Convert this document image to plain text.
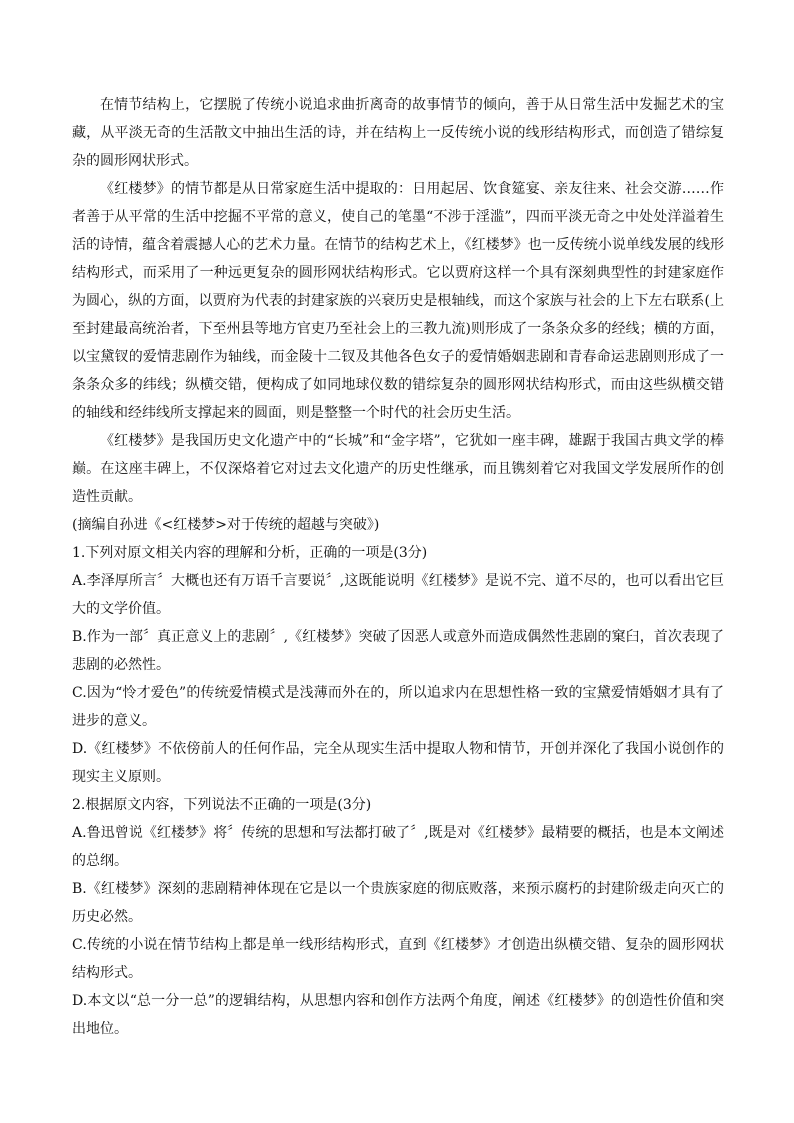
在情节结构上，它摆脱了传统小说追求曲折离奇的故事情节的倾向，善于从日常生活中发掘艺术的宝藏，从平淡无奇的生活散文中抽出生活的诗，并在结构上一反传统小说的线形结构形式，而创造了错综复杂的圆形网状形式。

《红楼梦》的情节都是从日常家庭生活中提取的：日用起居、饮食筵宴、亲友往来、社会交游……作者善于从平常的生活中挖掘不平常的意义，使自己的笔墨“不涉于淫滥”，四而平淡无奇之中处处洋溢着生活的诗情，蕴含着震撼人心的艺术力量。在情节的结构艺术上，《红楼梦》也一反传统小说单线发展的线形结构形式，而采用了一种远更复杂的圆形网状结构形式。它以贾府这样一个具有深刻典型性的封建家庭作为圆心，纵的方面，以贾府为代表的封建家族的兴衰历史是根轴线，而这个家族与社会的上下左右联系(上至封建最高统治者，下至州县等地方官吏乃至社会上的三教九流)则形成了一条条众多的经线；横的方面，以宝黛钗的爱情悲剧作为轴线，而金陵十二钗及其他各色女子的爱情婚姻悲剧和青春命运悲剧则形成了一条条众多的纬线；纵横交错，便构成了如同地球仪数的错综复杂的圆形网状结构形式，而由这些纵横交错的轴线和经纬线所支撑起来的圆面，则是整整一个时代的社会历史生活。

《红楼梦》是我国历史文化遗产中的“长城”和“金字塔”，它犹如一座丰碑，雄踞于我国古典文学的棒巅。在这座丰碑上，不仅深烙着它对过去文化遗产的历史性继承，而且镌刻着它对我国文学发展所作的创造性贡献。

(摘编自孙进《<红楼梦>对于传统的超越与突破》)

1.下列对原文相关内容的理解和分析，正确的一项是(3分)

A.李泽厚所言〞大概也还有万语千言要说〞,这既能说明《红楼梦》是说不完、道不尽的，也可以看出它巨大的文学价值。

B.作为一部〞真正意义上的悲剧〞,《红楼梦》突破了因恶人或意外而造成偶然性悲剧的窠臼，首次表现了悲剧的必然性。

C.因为“怜才爱色”的传统爱情模式是浅薄而外在的，所以追求内在思想性格一致的宝黛爱情婚姻才具有了进步的意义。

D.《红楼梦》不依傍前人的任何作品，完全从现实生活中提取人物和情节，开创并深化了我国小说创作的现实主义原则。

2.根据原文内容，下列说法不正确的一项是(3分)

A.鲁迅曾说《红楼梦》将〞传统的思想和写法都打破了〞,既是对《红楼梦》最精要的概括，也是本文阐述的总纲。

B.《红楼梦》深刻的悲剧精神体现在它是以一个贵族家庭的彻底败落，来预示腐朽的封建阶级走向灭亡的历史必然。

C.传统的小说在情节结构上都是单一线形结构形式，直到《红楼梦》才创造出纵横交错、复杂的圆形网状结构形式。

D.本文以“总一分一总”的逻辑结构，从思想内容和创作方法两个角度，阐述《红楼梦》的创造性价值和突出地位。
